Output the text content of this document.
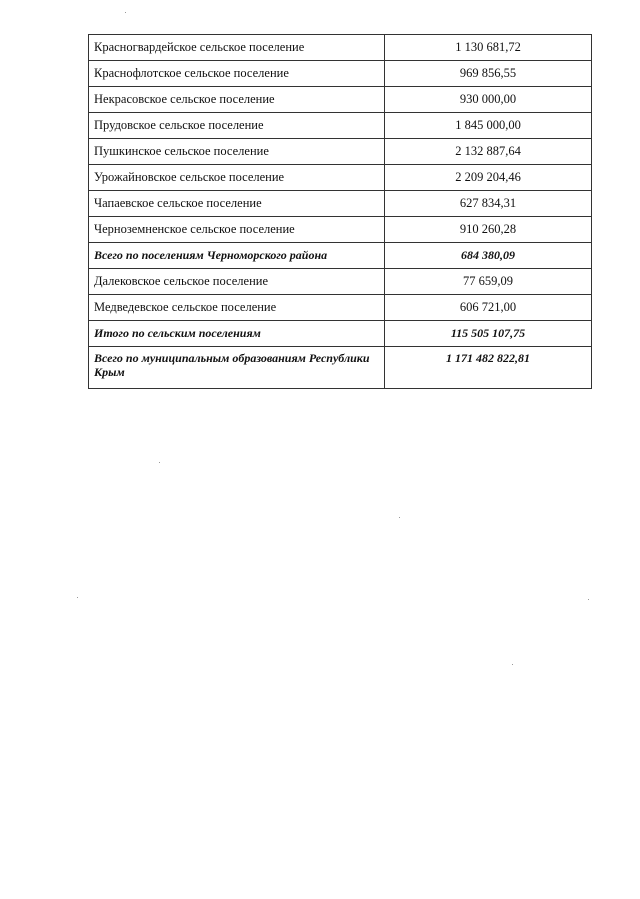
Красногвардейское сельское поселение	1 130 681,72
Краснофлотское сельское поселение	969 856,55
Некрасовское сельское поселение	930 000,00
Прудовское сельское поселение	1 845 000,00
Пушкинское сельское поселение	2 132 887,64
Урожайновское сельское поселение	2 209 204,46
Чапаевское сельское поселение	627 834,31
Черноземненское сельское поселение	910 260,28
Всего по поселениям Черноморского района	684 380,09
Далековское сельское поселение	77 659,09
Медведевское сельское поселение	606 721,00
Итого по сельским поселениям	115 505 107,75
Всего по муниципальным образованиям Республики Крым	1 171 482 822,81
